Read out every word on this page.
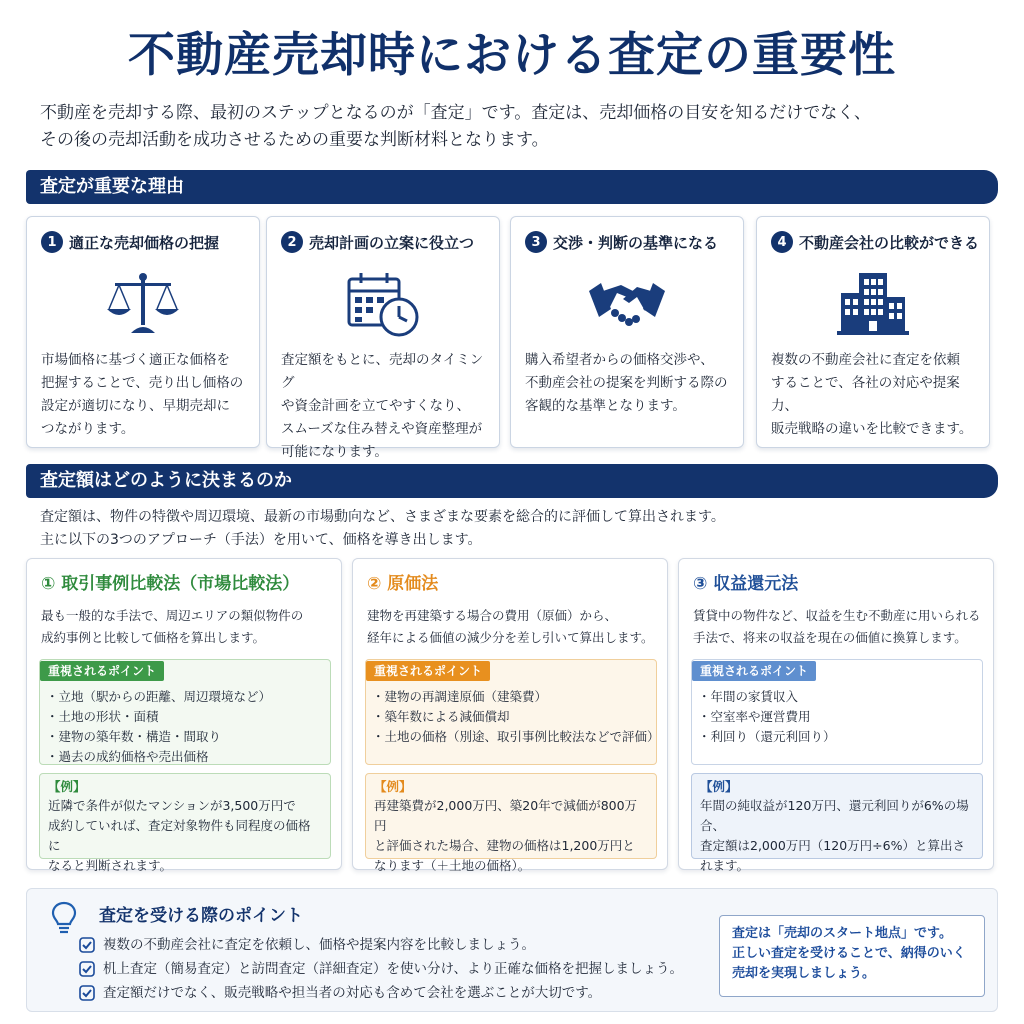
不動産売却時における査定の重要性
不動産を売却する際、最初のステップとなるのが「査定」です。査定は、売却価格の目安を知るだけでなく、
その後の売却活動を成功させるための重要な判断材料となります。
査定が重要な理由
1 適正な売却価格の把握
市場価格に基づく適正な価格を
把握することで、売り出し価格の
設定が適切になり、早期売却に
つながります。
2 売却計画の立案に役立つ
査定額をもとに、売却のタイミング
や資金計画を立てやすくなり、
スムーズな住み替えや資産整理が
可能になります。
3 交渉・判断の基準になる
購入希望者からの価格交渉や、
不動産会社の提案を判断する際の
客観的な基準となります。
4 不動産会社の比較ができる
複数の不動産会社に査定を依頼
することで、各社の対応や提案力、
販売戦略の違いを比較できます。
査定額はどのように決まるのか
査定額は、物件の特徴や周辺環境、最新の市場動向など、さまざまな要素を総合的に評価して算出されます。
主に以下の3つのアプローチ（手法）を用いて、価格を導き出します。
① 取引事例比較法（市場比較法）
最も一般的な手法で、周辺エリアの類似物件の
成約事例と比較して価格を算出します。
重視されるポイント
・立地（駅からの距離、周辺環境など）
・土地の形状・面積
・建物の築年数・構造・間取り
・過去の成約価格や売出価格
【例】
近隣で条件が似たマンションが3,500万円で
成約していれば、査定対象物件も同程度の価格に
なると判断されます。
② 原価法
建物を再建築する場合の費用（原価）から、
経年による価値の減少分を差し引いて算出します。
重視されるポイント
・建物の再調達原価（建築費）
・築年数による減価償却
・土地の価格（別途、取引事例比較法などで評価）
【例】
再建築費が2,000万円、築20年で減価が800万円
と評価された場合、建物の価格は1,200万円と
なります（＋土地の価格）。
③ 収益還元法
賃貸中の物件など、収益を生む不動産に用いられる
手法で、将来の収益を現在の価値に換算します。
重視されるポイント
・年間の家賃収入
・空室率や運営費用
・利回り（還元利回り）
【例】
年間の純収益が120万円、還元利回りが6%の場合、
査定額は2,000万円（120万円÷6%）と算出されます。
査定を受ける際のポイント
複数の不動産会社に査定を依頼し、価格や提案内容を比較しましょう。
机上査定（簡易査定）と訪問査定（詳細査定）を使い分け、より正確な価格を把握しましょう。
査定額だけでなく、販売戦略や担当者の対応も含めて会社を選ぶことが大切です。
査定は「売却のスタート地点」です。
正しい査定を受けることで、納得のいく
売却を実現しましょう。
